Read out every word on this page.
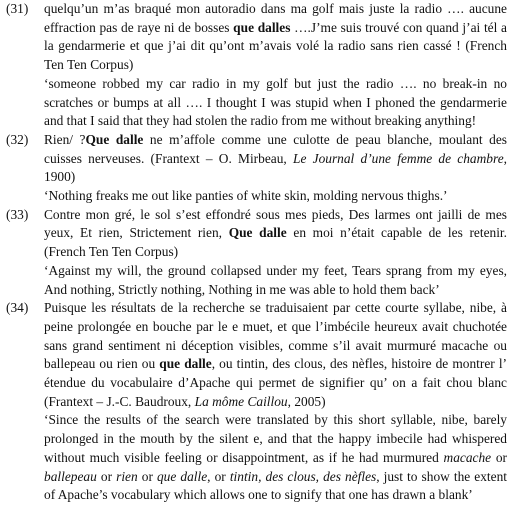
(31)	quelqu’un m’as braqué mon autoradio dans ma golf mais juste la radio …. aucune effraction pas de raye ni de bosses que dalles ….J’me suis trouvé con quand j’ai tél a la gendarmerie et que j’ai dit qu’ont m’avais volé la radio sans rien cassé ! (French Ten Ten Corpus)

‘someone robbed my car radio in my golf but just the radio …. no break-in no scratches or bumps at all …. I thought I was stupid when I phoned the gendarmerie and that I said that they had stolen the radio from me without breaking anything!

(32)	Rien/ ?Que dalle ne m’affole comme une culotte de peau blanche, moulant des cuisses nerveuses. (Frantext – O. Mirbeau, Le Journal d’une femme de chambre, 1900)

‘Nothing freaks me out like panties of white skin, molding nervous thighs.’

(33)	Contre mon gré, le sol s’est effondré sous mes pieds, Des larmes ont jailli de mes yeux, Et rien, Strictement rien, Que dalle en moi n’était capable de les retenir. (French Ten Ten Corpus)

‘Against my will, the ground collapsed under my feet, Tears sprang from my eyes, And nothing, Strictly nothing, Nothing in me was able to hold them back’

(34)	Puisque les résultats de la recherche se traduisaient par cette courte syllabe, nibe, à peine prolongée en bouche par le e muet, et que l’imbécile heureux avait chuchotée sans grand sentiment ni déception visibles, comme s’il avait murmuré macache ou ballepeau ou rien ou que dalle, ou tintin, des clous, des nèfles, histoire de montrer l’ étendue du vocabulaire d’Apache qui permet de signifier qu’ on a fait chou blanc (Frantext – J.-C. Baudroux, La môme Caillou, 2005)

‘Since the results of the search were translated by this short syllable, nibe, barely prolonged in the mouth by the silent e, and that the happy imbecile had whispered without much visible feeling or disappointment, as if he had murmured macache or ballepeau or rien or que dalle, or tintin, des clous, des nèfles, just to show the extent of Apache’s vocabulary which allows one to signify that one has drawn a blank’
